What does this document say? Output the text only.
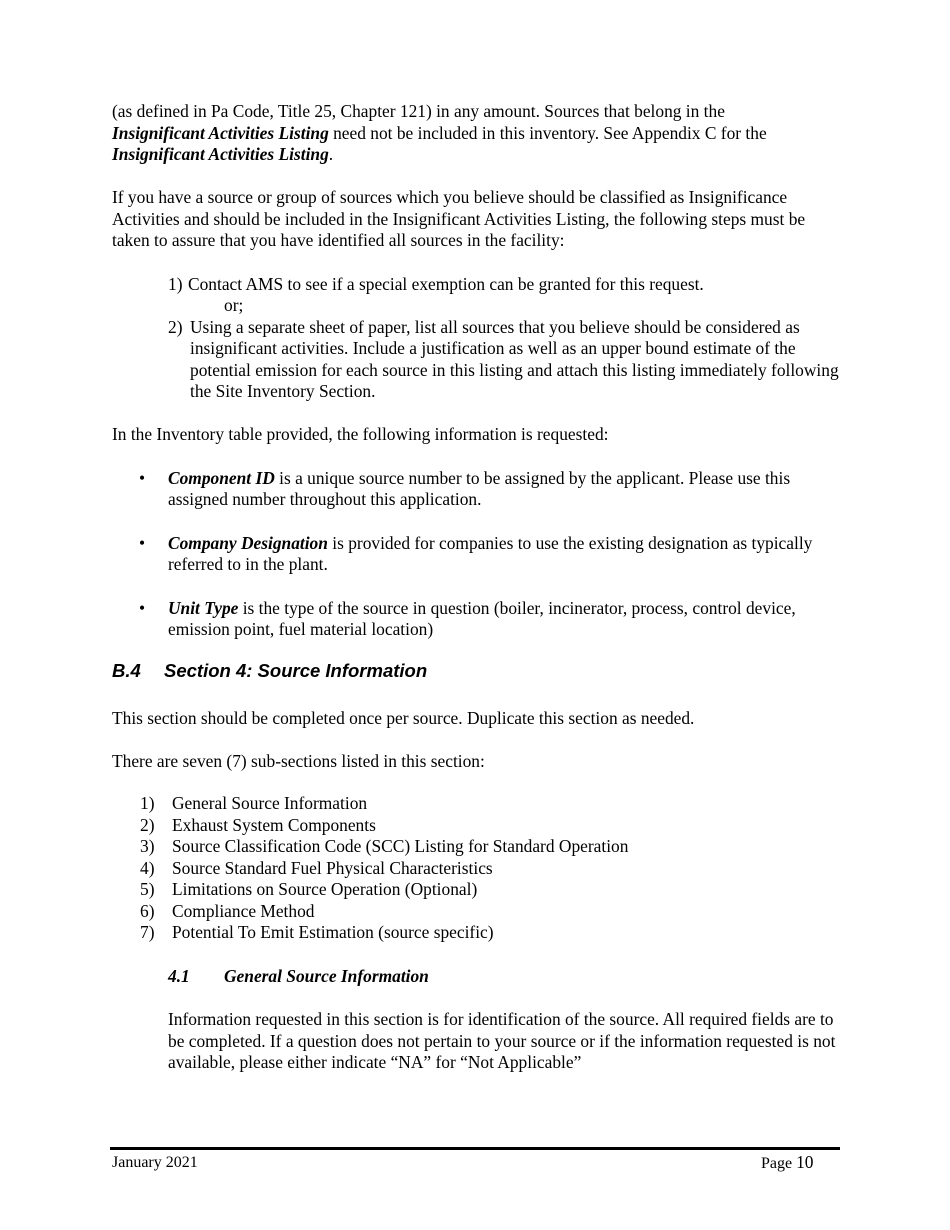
(as defined in Pa Code, Title 25, Chapter 121) in any amount. Sources that belong in the
Insignificant Activities Listing need not be included in this inventory. See Appendix C for the
Insignificant Activities Listing.

If you have a source or group of sources which you believe should be classified as Insignificance Activities and should be included in the Insignificant Activities Listing, the following steps must be taken to assure that you have identified all sources in the facility:

1) Contact AMS to see if a special exemption can be granted for this request.
or;
2) Using a separate sheet of paper, list all sources that you believe should be considered as insignificant activities. Include a justification as well as an upper bound estimate of the potential emission for each source in this listing and attach this listing immediately following the Site Inventory Section.

In the Inventory table provided, the following information is requested:

• Component ID is a unique source number to be assigned by the applicant. Please use this assigned number throughout this application.
• Company Designation is provided for companies to use the existing designation as typically referred to in the plant.
• Unit Type is the type of the source in question (boiler, incinerator, process, control device, emission point, fuel material location)
B.4 Section 4: Source Information

This section should be completed once per source. Duplicate this section as needed.

There are seven (7) sub-sections listed in this section:

1) General Source Information
2) Exhaust System Components
3) Source Classification Code (SCC) Listing for Standard Operation
4) Source Standard Fuel Physical Characteristics
5) Limitations on Source Operation (Optional)
6) Compliance Method
7) Potential To Emit Estimation (source specific)
4.1 General Source Information

Information requested in this section is for identification of the source. All required fields are to be completed. If a question does not pertain to your source or if the information requested is not available, please either indicate “NA” for “Not Applicable”

January 2021	Page 10
